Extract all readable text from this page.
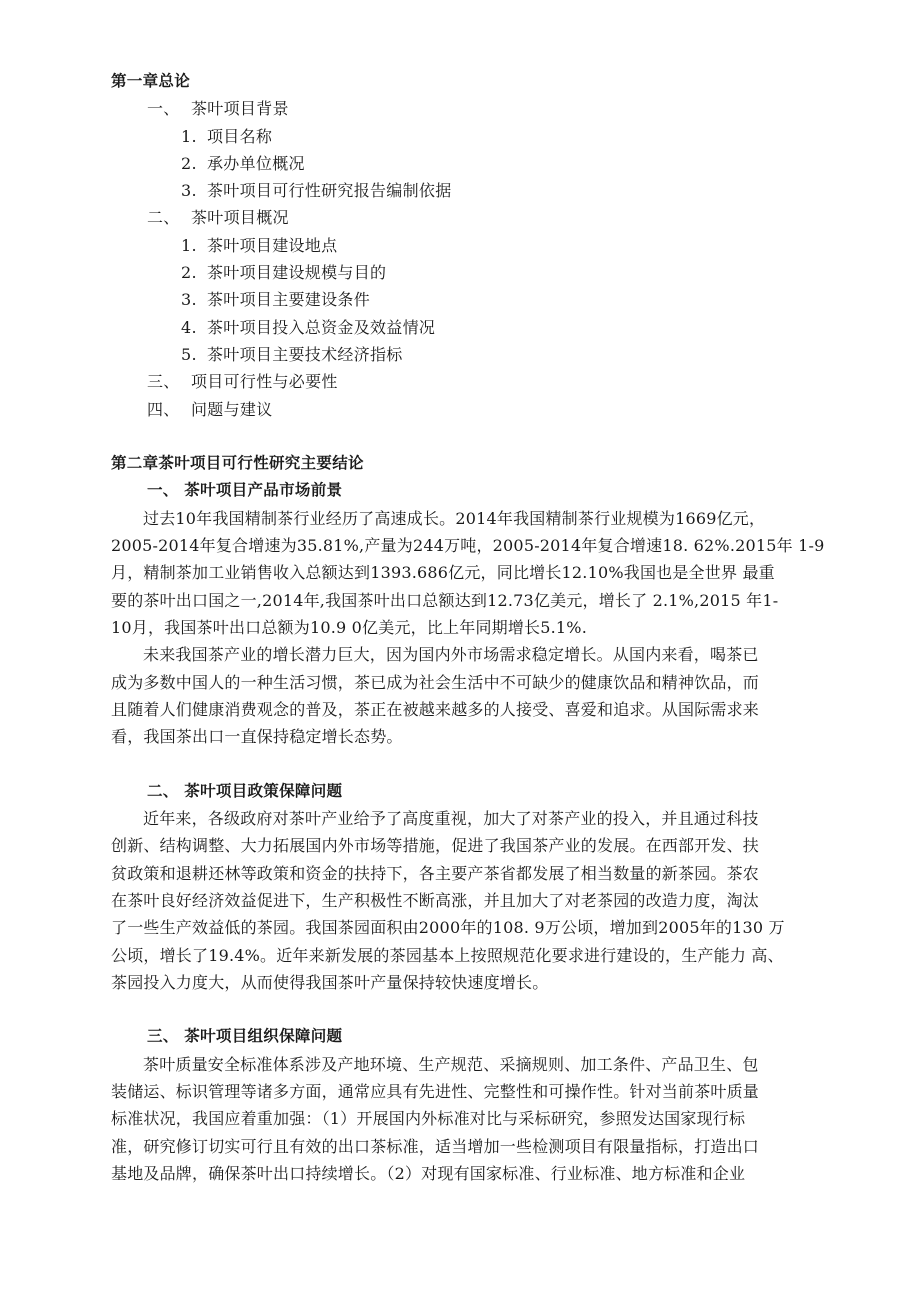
第一章总论
一、 茶叶项目背景
1. 项目名称
2. 承办单位概况
3. 茶叶项目可行性研究报告编制依据
二、 茶叶项目概况
1. 茶叶项目建设地点
2. 茶叶项目建设规模与目的
3. 茶叶项目主要建设条件
4. 茶叶项目投入总资金及效益情况
5. 茶叶项目主要技术经济指标
三、 项目可行性与必要性
四、 问题与建议
第二章茶叶项目可行性研究主要结论
一、 茶叶项目产品市场前景
过去10年我国精制茶行业经历了高速成长。2014年我国精制茶行业规模为1669亿元，
2005-2014年复合增速为35.81%,产量为244万吨，2005-2014年复合增速18. 62%.2015年 1-9
月，精制茶加工业销售收入总额达到1393.686亿元，同比增长12.10%我国也是全世界 最重
要的茶叶出口国之一,2014年,我国茶叶出口总额达到12.73亿美元，增长了 2.1%,2015 年1-
10月，我国茶叶出口总额为10.9 0亿美元，比上年同期增长5.1%.
未来我国茶产业的增长潜力巨大，因为国内外市场需求稳定增长。从国内来看，喝茶已
成为多数中国人的一种生活习惯，茶已成为社会生活中不可缺少的健康饮品和精神饮品，而
且随着人们健康消费观念的普及，茶正在被越来越多的人接受、喜爱和追求。从国际需求来
看，我国茶出口一直保持稳定增长态势。
二、 茶叶项目政策保障问题
近年来，各级政府对茶叶产业给予了高度重视，加大了对茶产业的投入，并且通过科技
创新、结构调整、大力拓展国内外市场等措施，促进了我国茶产业的发展。在西部开发、扶
贫政策和退耕还林等政策和资金的扶持下，各主要产茶省都发展了相当数量的新茶园。茶农
在茶叶良好经济效益促进下，生产积极性不断高涨，并且加大了对老茶园的改造力度，淘汰
了一些生产效益低的茶园。我国茶园面积由2000年的108. 9万公顷，增加到2005年的130 万
公顷，增长了19.4%。近年来新发展的茶园基本上按照规范化要求进行建设的，生产能力 高、
茶园投入力度大，从而使得我国茶叶产量保持较快速度增长。
三、 茶叶项目组织保障问题
茶叶质量安全标准体系涉及产地环境、生产规范、采摘规则、加工条件、产品卫生、包
装储运、标识管理等诸多方面，通常应具有先进性、完整性和可操作性。针对当前茶叶质量
标准状况，我国应着重加强：（1）开展国内外标准对比与采标研究，参照发达国家现行标
准，研究修订切实可行且有效的出口茶标准，适当增加一些检测项目有限量指标，打造出口
基地及品牌，确保茶叶出口持续增长。（2）对现有国家标准、行业标准、地方标准和企业
